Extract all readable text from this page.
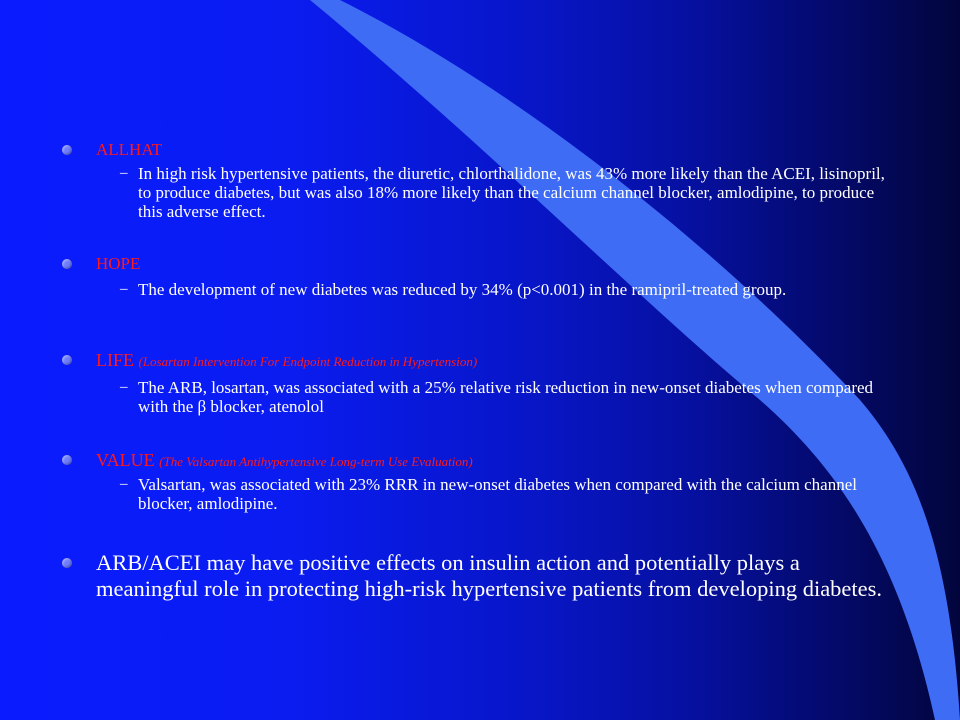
ALLHAT
– In high risk hypertensive patients, the diuretic, chlorthalidone, was 43% more likely than the ACEI, lisinopril, to produce diabetes, but was also 18% more likely than the calcium channel blocker, amlodipine, to produce this adverse effect.
HOPE
– The development of new diabetes was reduced by 34% (p<0.001) in the ramipril-treated group.
LIFE (Losartan Intervention For Endpoint Reduction in Hypertension)
– The ARB, losartan, was associated with a 25% relative risk reduction in new-onset diabetes when compared with the β blocker, atenolol
VALUE (The Valsartan Antihypertensive Long-term Use Evaluation)
– Valsartan, was associated with 23% RRR in new-onset diabetes when compared with the calcium channel blocker, amlodipine.
ARB/ACEI may have positive effects on insulin action and potentially plays a meaningful role in protecting high-risk hypertensive patients from developing diabetes.
